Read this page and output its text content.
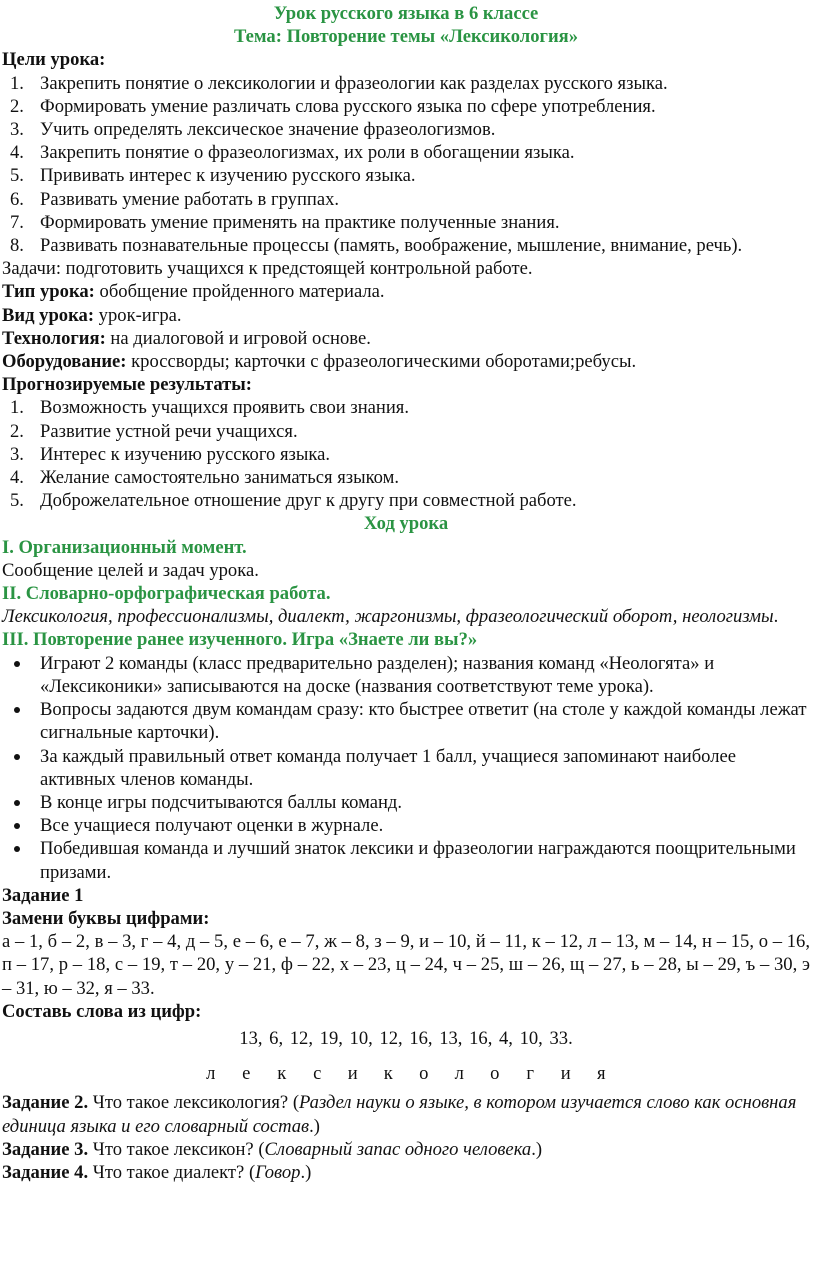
Урок русского языка в 6 классе

Тема: Повторение темы «Лексикология»

Цели урока:

1. Закрепить понятие о лексикологии и фразеологии как разделах русского языка.
2. Формировать умение различать слова русского языка по сфере употребления.
3. Учить определять лексическое значение фразеологизмов.
4. Закрепить понятие о фразеологизмах, их роли в обогащении языка.
5. Прививать интерес к изучению русского языка.
6. Развивать умение работать в группах.
7. Формировать умение применять на практике полученные знания.
8. Развивать познавательные процессы (память, воображение, мышление, внимание, речь).

Задачи: подготовить учащихся к предстоящей контрольной работе.

Тип урока: обобщение пройденного материала.

Вид урока: урок-игра.

Технология: на диалоговой и игровой основе.

Оборудование: кроссворды; карточки с фразеологическими оборотами;ребусы.

Прогнозируемые результаты:

1. Возможность учащихся проявить свои знания.
2. Развитие устной речи учащихся.
3. Интерес к изучению русского языка.
4. Желание самостоятельно заниматься языком.
5. Доброжелательное отношение друг к другу при совместной работе.

Ход урока

I. Организационный момент.

Сообщение целей и задач урока.

II. Словарно-орфографическая работа.

Лексикология, профессионализмы, диалект, жаргонизмы, фразеологический оборот, неологизмы.

III. Повторение ранее изученного. Игра «Знаете ли вы?»

Играют 2 команды (класс предварительно разделен); названия команд «Неологята» и «Лексиконики» записываются на доске (названия соответствуют теме урока).
Вопросы задаются двум командам сразу: кто быстрее ответит (на столе у каждой команды лежат сигнальные карточки).
За каждый правильный ответ команда получает 1 балл, учащиеся запоминают наиболее активных членов команды.
В конце игры подсчитываются баллы команд.
Все учащиеся получают оценки в журнале.
Победившая команда и лучший знаток лексики и фразеологии награждаются поощрительными призами.

Задание 1

Замени буквы цифрами:

а – 1, б – 2, в – 3, г – 4, д – 5, е – 6, е – 7, ж – 8, з – 9, и – 10, й – 11, к – 12, л – 13, м – 14, н – 15, о – 16, п – 17, р – 18, с – 19, т – 20, у – 21, ф – 22, х – 23, ц – 24, ч – 25, ш – 26, щ – 27, ь – 28, ы – 29, ъ – 30, э – 31, ю – 32, я – 33.

Составь слова из цифр:

13, 6, 12, 19, 10, 12, 16, 13, 16, 4, 10, 33.

л	е	к	с	и	к	о	л	о	г	и	я

Задание 2. Что такое лексикология? (Раздел науки о языке, в котором изучается слово как основная единица языка и его словарный состав.)

Задание 3. Что такое лексикон? (Словарный запас одного человека.)

Задание 4. Что такое диалект? (Говор.)
